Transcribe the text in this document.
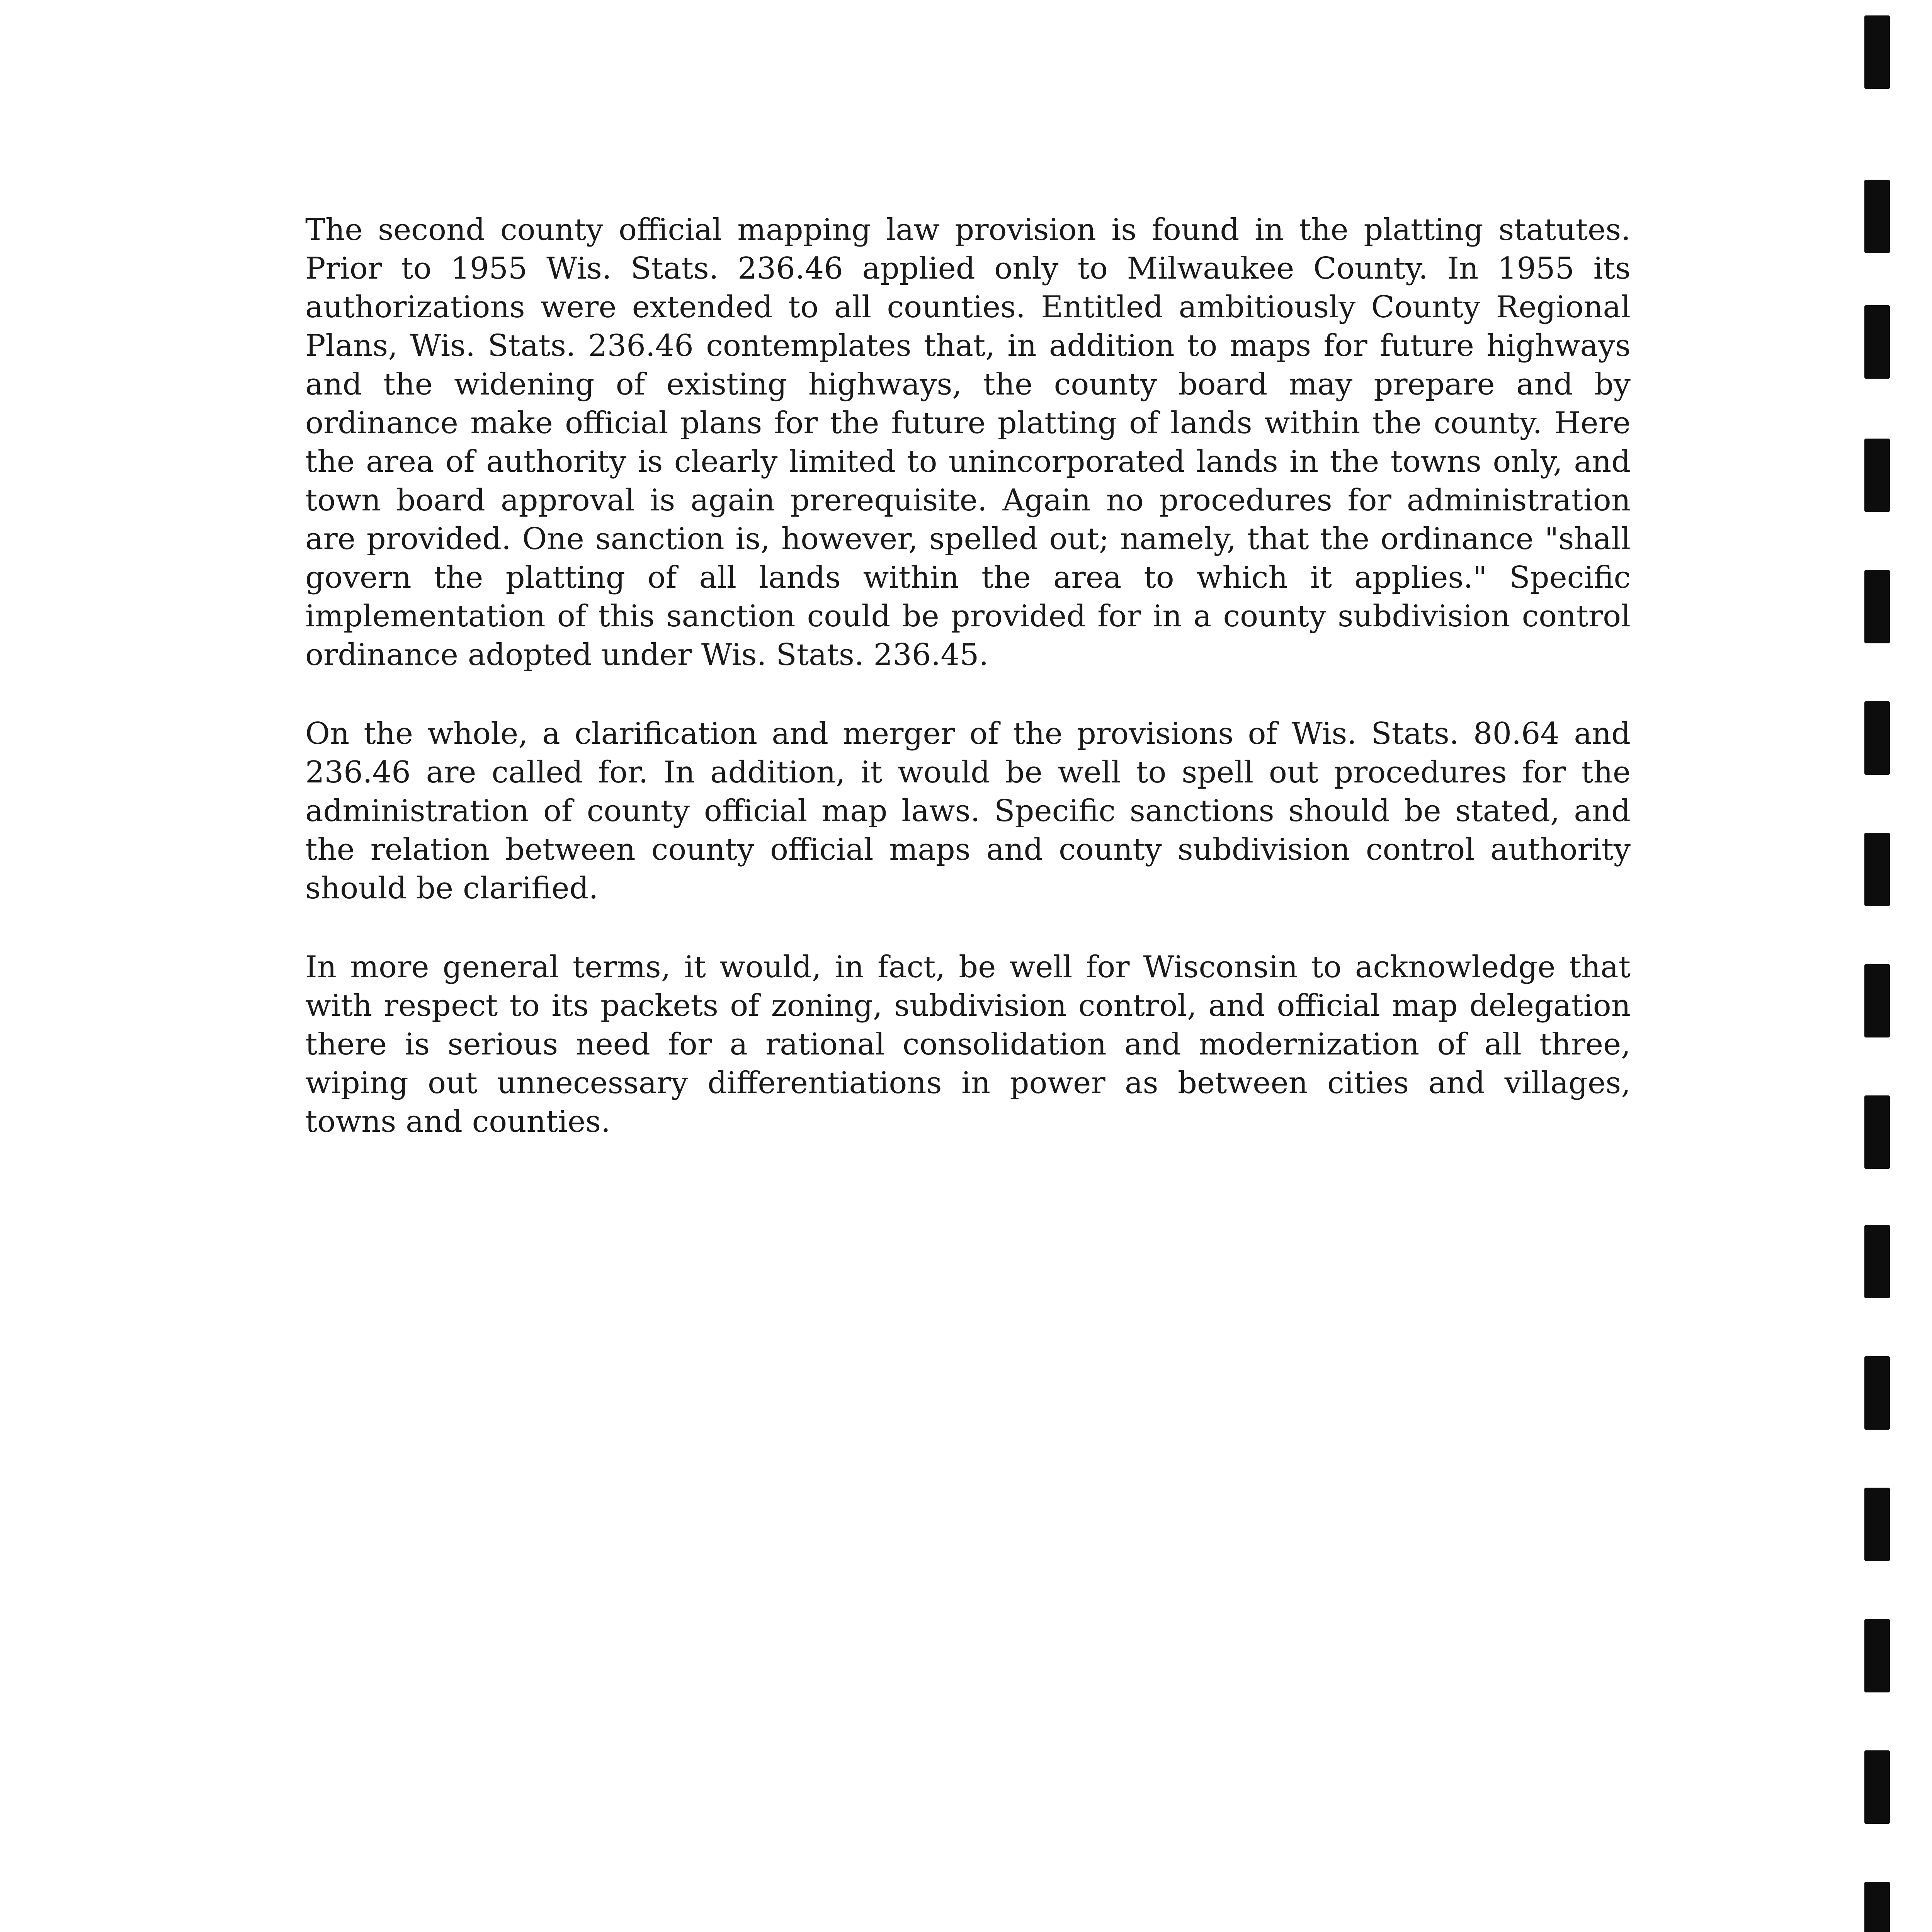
The second county official mapping law provision is found in the platting statutes. Prior to 1955 Wis. Stats. 236.46 applied only to Milwaukee County. In 1955 its authorizations were extended to all counties. Entitled ambitiously County Regional Plans, Wis. Stats. 236.46 contemplates that, in addition to maps for future highways and the widening of existing highways, the county board may prepare and by ordinance make official plans for the future platting of lands within the county. Here the area of authority is clearly limited to unincorporated lands in the towns only, and town board approval is again prerequisite. Again no procedures for administration are provided. One sanction is, however, spelled out; namely, that the ordinance "shall govern the platting of all lands within the area to which it applies." Specific implementation of this sanction could be provided for in a county subdivision control ordinance adopted under Wis. Stats. 236.45.

On the whole, a clarification and merger of the provisions of Wis. Stats. 80.64 and 236.46 are called for. In addition, it would be well to spell out procedures for the administration of county official map laws. Specific sanctions should be stated, and the relation between county official maps and county subdivision control authority should be clarified.

In more general terms, it would, in fact, be well for Wisconsin to acknowledge that with respect to its packets of zoning, subdivision control, and official map delegation there is serious need for a rational consolidation and modernization of all three, wiping out unnecessary differentiations in power as between cities and villages, towns and counties.
